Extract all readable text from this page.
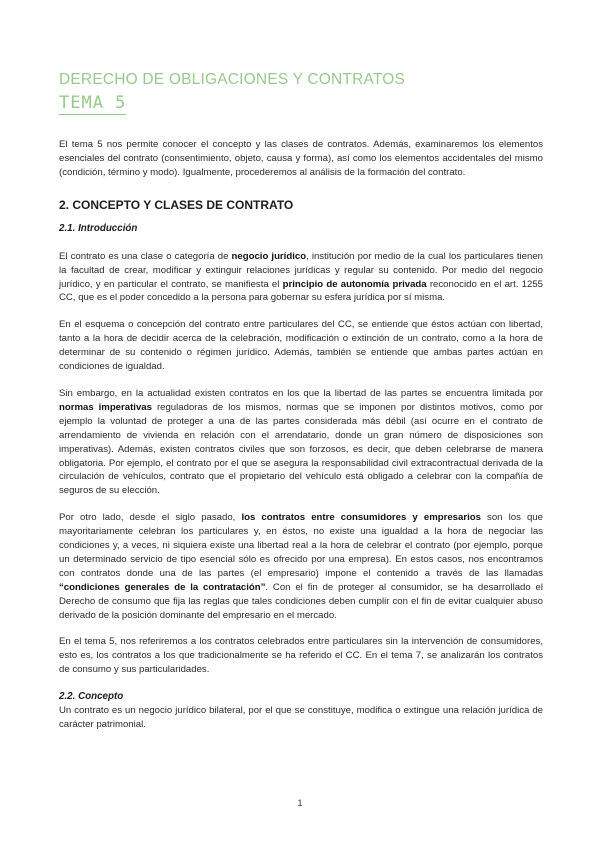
DERECHO DE OBLIGACIONES Y CONTRATOS
TEMA 5

El tema 5 nos permite conocer el concepto y las clases de contratos. Además, examinaremos los elementos esenciales del contrato (consentimiento, objeto, causa y forma), así como los elementos accidentales del mismo (condición, término y modo). Igualmente, procederemos al análisis de la formación del contrato.

2. CONCEPTO Y CLASES DE CONTRATO
2.1. Introducción

El contrato es una clase o categoría de negocio jurídico, institución por medio de la cual los particulares tienen la facultad de crear, modificar y extinguir relaciones jurídicas y regular su contenido. Por medio del negocio jurídico, y en particular el contrato, se manifiesta el principio de autonomía privada reconocido en el art. 1255 CC, que es el poder concedido a la persona para gobernar su esfera jurídica por sí misma.

En el esquema o concepción del contrato entre particulares del CC, se entiende que éstos actúan con libertad, tanto a la hora de decidir acerca de la celebración, modificación o extinción de un contrato, como a la hora de determinar de su contenido o régimen jurídico. Además, también se entiende que ambas partes actúan en condiciones de igualdad.

Sin embargo, en la actualidad existen contratos en los que la libertad de las partes se encuentra limitada por normas imperativas reguladoras de los mismos, normas que se imponen por distintos motivos, como por ejemplo la voluntad de proteger a una de las partes considerada más débil (así ocurre en el contrato de arrendamiento de vivienda en relación con el arrendatario, donde un gran número de disposiciones son imperativas). Además, existen contratos civiles que son forzosos, es decir, que deben celebrarse de manera obligatoria. Por ejemplo, el contrato por el que se asegura la responsabilidad civil extracontractual derivada de la circulación de vehículos, contrato que el propietario del vehículo está obligado a celebrar con la compañía de seguros de su elección.

Por otro lado, desde el siglo pasado, los contratos entre consumidores y empresarios son los que mayoritariamente celebran los particulares y, en éstos, no existe una igualdad a la hora de negociar las condiciones y, a veces, ni siquiera existe una libertad real a la hora de celebrar el contrato (por ejemplo, porque un determinado servicio de tipo esencial sólo es ofrecido por una empresa). En estos casos, nos encontramos con contratos donde una de las partes (el empresario) impone el contenido a través de las llamadas “condiciones generales de la contratación”. Con el fin de proteger al consumidor, se ha desarrollado el Derecho de consumo que fija las reglas que tales condiciones deben cumplir con el fin de evitar cualquier abuso derivado de la posición dominante del empresario en el mercado.

En el tema 5, nos referiremos a los contratos celebrados entre particulares sin la intervención de consumidores, esto es, los contratos a los que tradicionalmente se ha referido el CC. En el tema 7, se analizarán los contratos de consumo y sus particularidades.

2.2. Concepto

Un contrato es un negocio jurídico bilateral, por el que se constituye, modifica o extingue una relación jurídica de carácter patrimonial.

1
